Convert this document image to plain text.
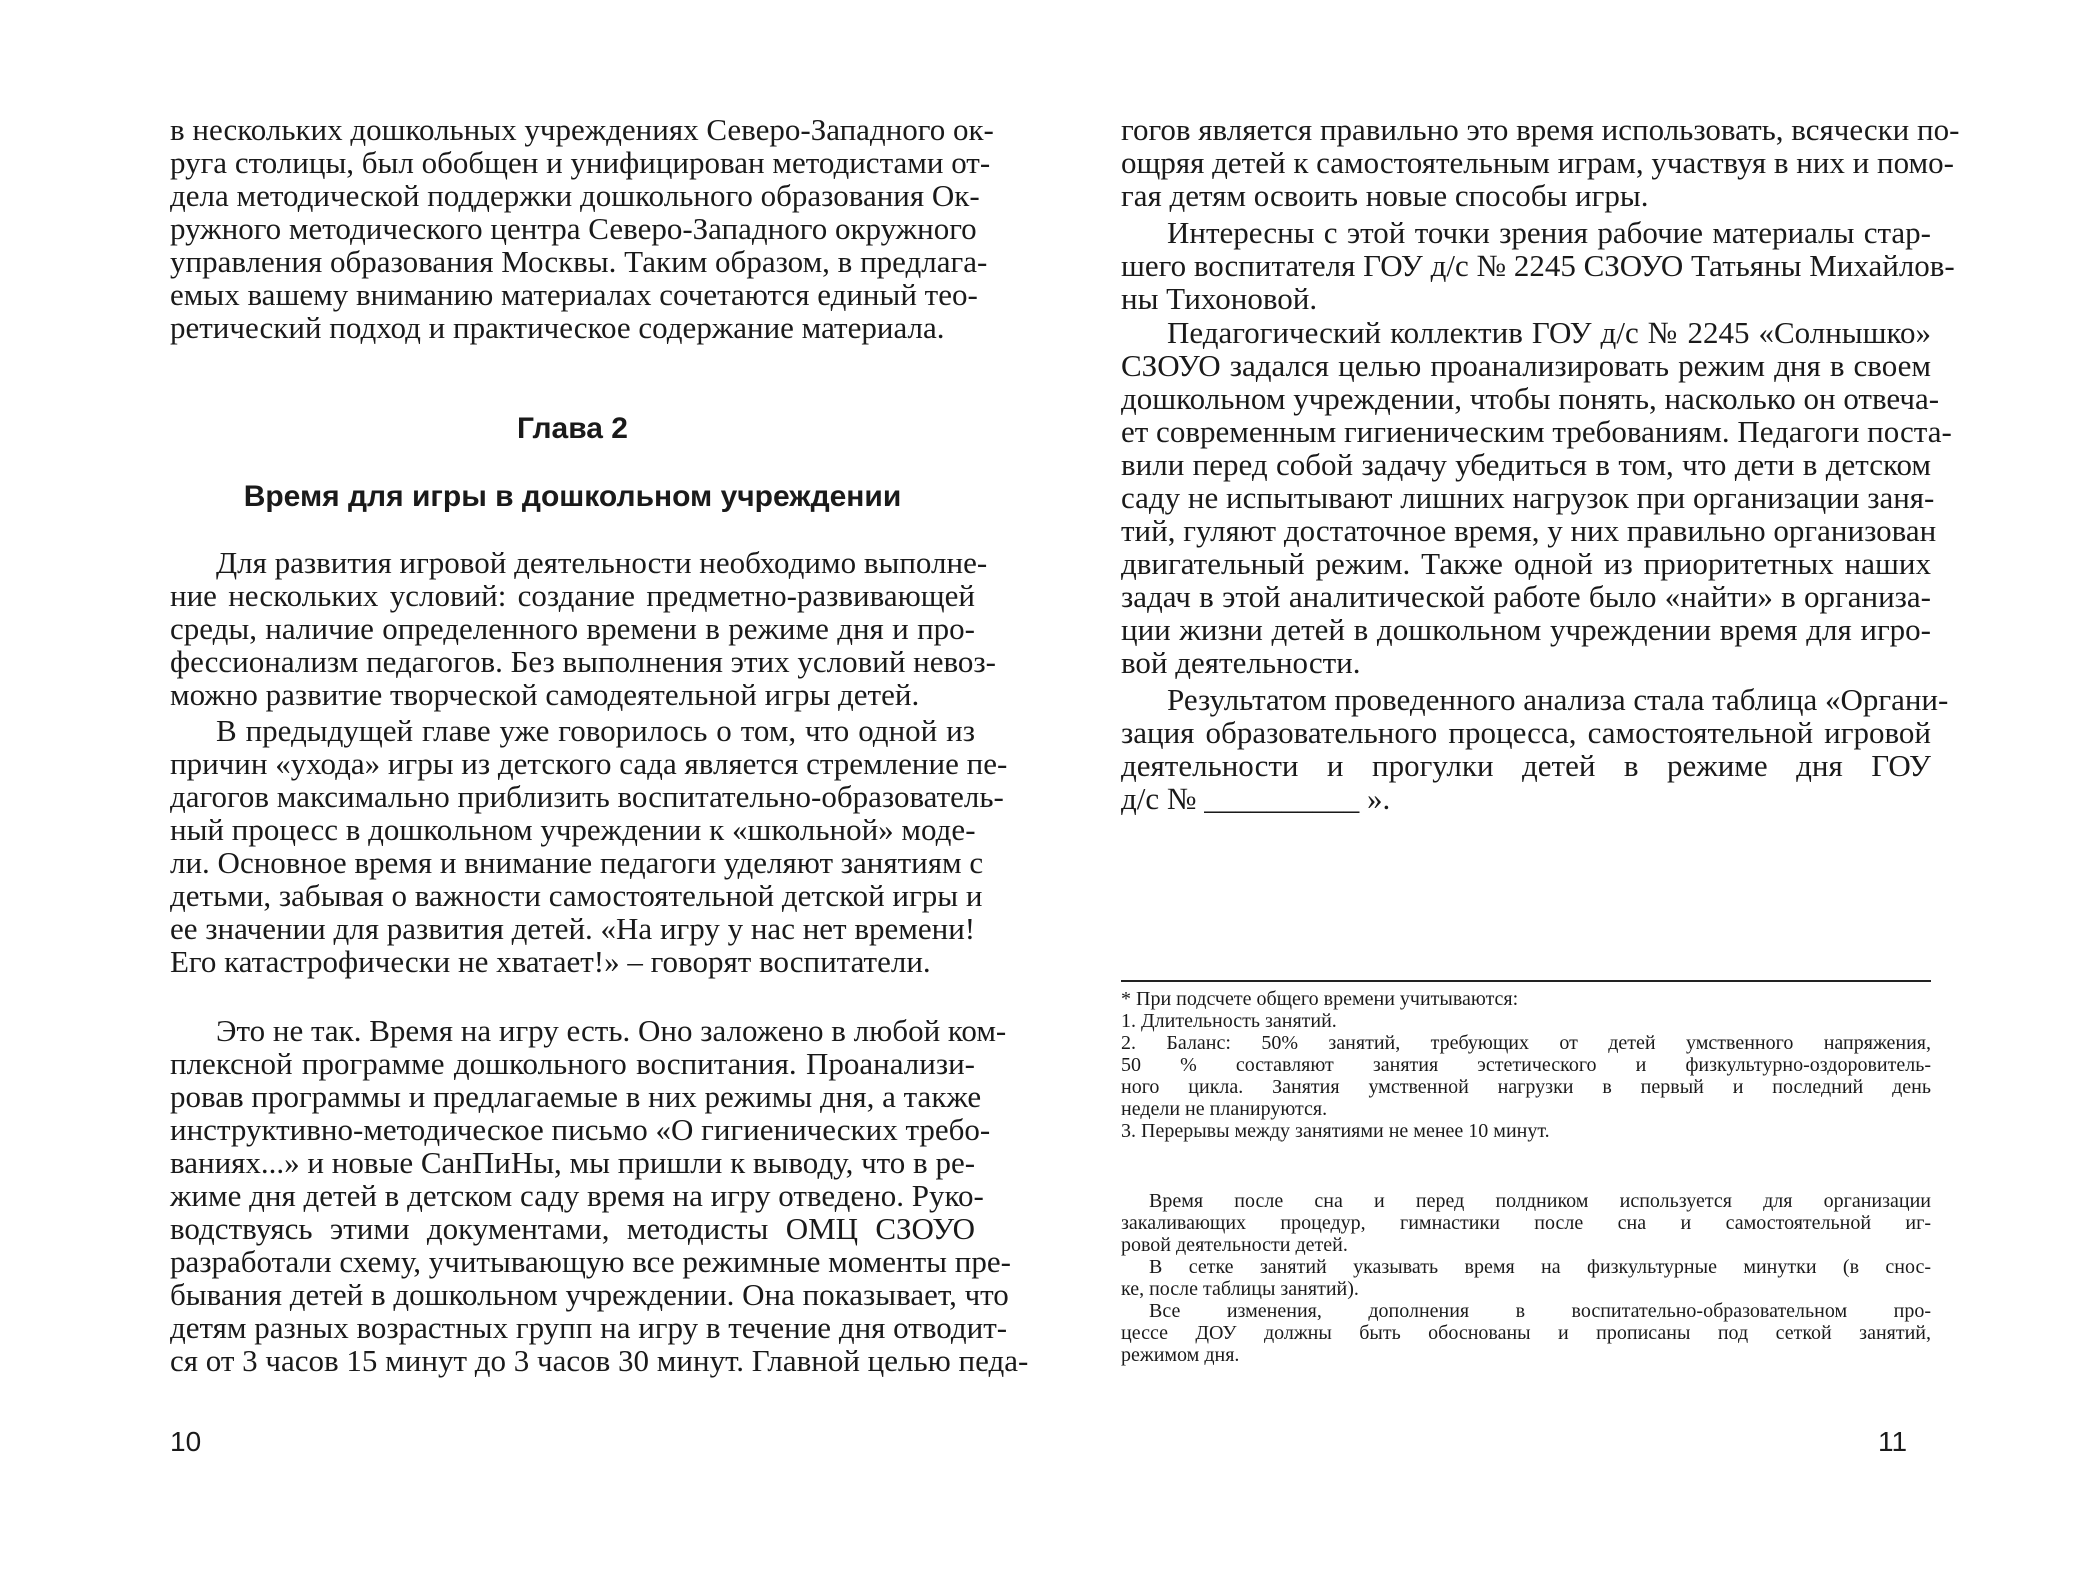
в нескольких дошкольных учреждениях Северо-Западного ок-

руга столицы, был обобщен и унифицирован методистами от-

дела методической поддержки дошкольного образования Ок-

ружного методического центра Северо-Западного окружного

управления образования Москвы. Таким образом, в предлага-

емых вашему вниманию материалах сочетаются единый тео-

ретический подход и практическое содержание материала.

Глава 2
Время для игры в дошкольном учреждении

Для развития игровой деятельности необходимо выполне-

ние нескольких условий: создание предметно-развивающей

среды, наличие определенного времени в режиме дня и про-

фессионализм педагогов. Без выполнения этих условий невоз-

можно развитие творческой самодеятельной игры детей.

В предыдущей главе уже говорилось о том, что одной из

причин «ухода» игры из детского сада является стремление пе-

дагогов максимально приблизить воспитательно-образователь-

ный процесс в дошкольном учреждении к «школьной» моде-

ли. Основное время и внимание педагоги уделяют занятиям с

детьми, забывая о важности самостоятельной детской игры и

ее значении для развития детей. «На игру у нас нет времени!

Его катастрофически не хватает!» – говорят воспитатели.

Это не так. Время на игру есть. Оно заложено в любой ком-

плексной программе дошкольного воспитания. Проанализи-

ровав программы и предлагаемые в них режимы дня, а также

инструктивно-методическое письмо «О гигиенических требо-

ваниях...» и новые СанПиНы, мы пришли к выводу, что в ре-

жиме дня детей в детском саду время на игру отведено. Руко-

водствуясь этими документами, методисты ОМЦ СЗОУО

разработали схему, учитывающую все режимные моменты пре-

бывания детей в дошкольном учреждении. Она показывает, что

детям разных возрастных групп на игру в течение дня отводит-

ся от 3 часов 15 минут до 3 часов 30 минут. Главной целью педа-

10

гогов является правильно это время использовать, всячески по-

ощряя детей к самостоятельным играм, участвуя в них и помо-

гая детям освоить новые способы игры.

Интересны с этой точки зрения рабочие материалы стар-

шего воспитателя ГОУ д/с № 2245 СЗОУО Татьяны Михайлов-

ны Тихоновой.

Педагогический коллектив ГОУ д/с № 2245 «Солнышко»

СЗОУО задался целью проанализировать режим дня в своем

дошкольном учреждении, чтобы понять, насколько он отвеча-

ет современным гигиеническим требованиям. Педагоги поста-

вили перед собой задачу убедиться в том, что дети в детском

саду не испытывают лишних нагрузок при организации заня-

тий, гуляют достаточное время, у них правильно организован

двигательный режим. Также одной из приоритетных наших

задач в этой аналитической работе было «найти» в организа-

ции жизни детей в дошкольном учреждении время для игро-

вой деятельности.

Результатом проведенного анализа стала таблица «Органи-

зация образовательного процесса, самостоятельной игровой

деятельности и прогулки детей в режиме дня ГОУ

д/с № __________ ».

* При подсчете общего времени учитываются:

1. Длительность занятий.

2. Баланс: 50% занятий, требующих от детей умственного напряжения,

50 % составляют занятия эстетического и физкультурно-оздоровитель-

ного цикла. Занятия умственной нагрузки в первый и последний день

недели не планируются.

3. Перерывы между занятиями не менее 10 минут.

Время после сна и перед полдником используется для организации

закаливающих процедур, гимнастики после сна и самостоятельной иг-

ровой деятельности детей.

В сетке занятий указывать время на физкультурные минутки (в снос-

ке, после таблицы занятий).

Все изменения, дополнения в воспитательно-образовательном про-

цессе ДОУ должны быть обоснованы и прописаны под сеткой занятий,

режимом дня.

11
